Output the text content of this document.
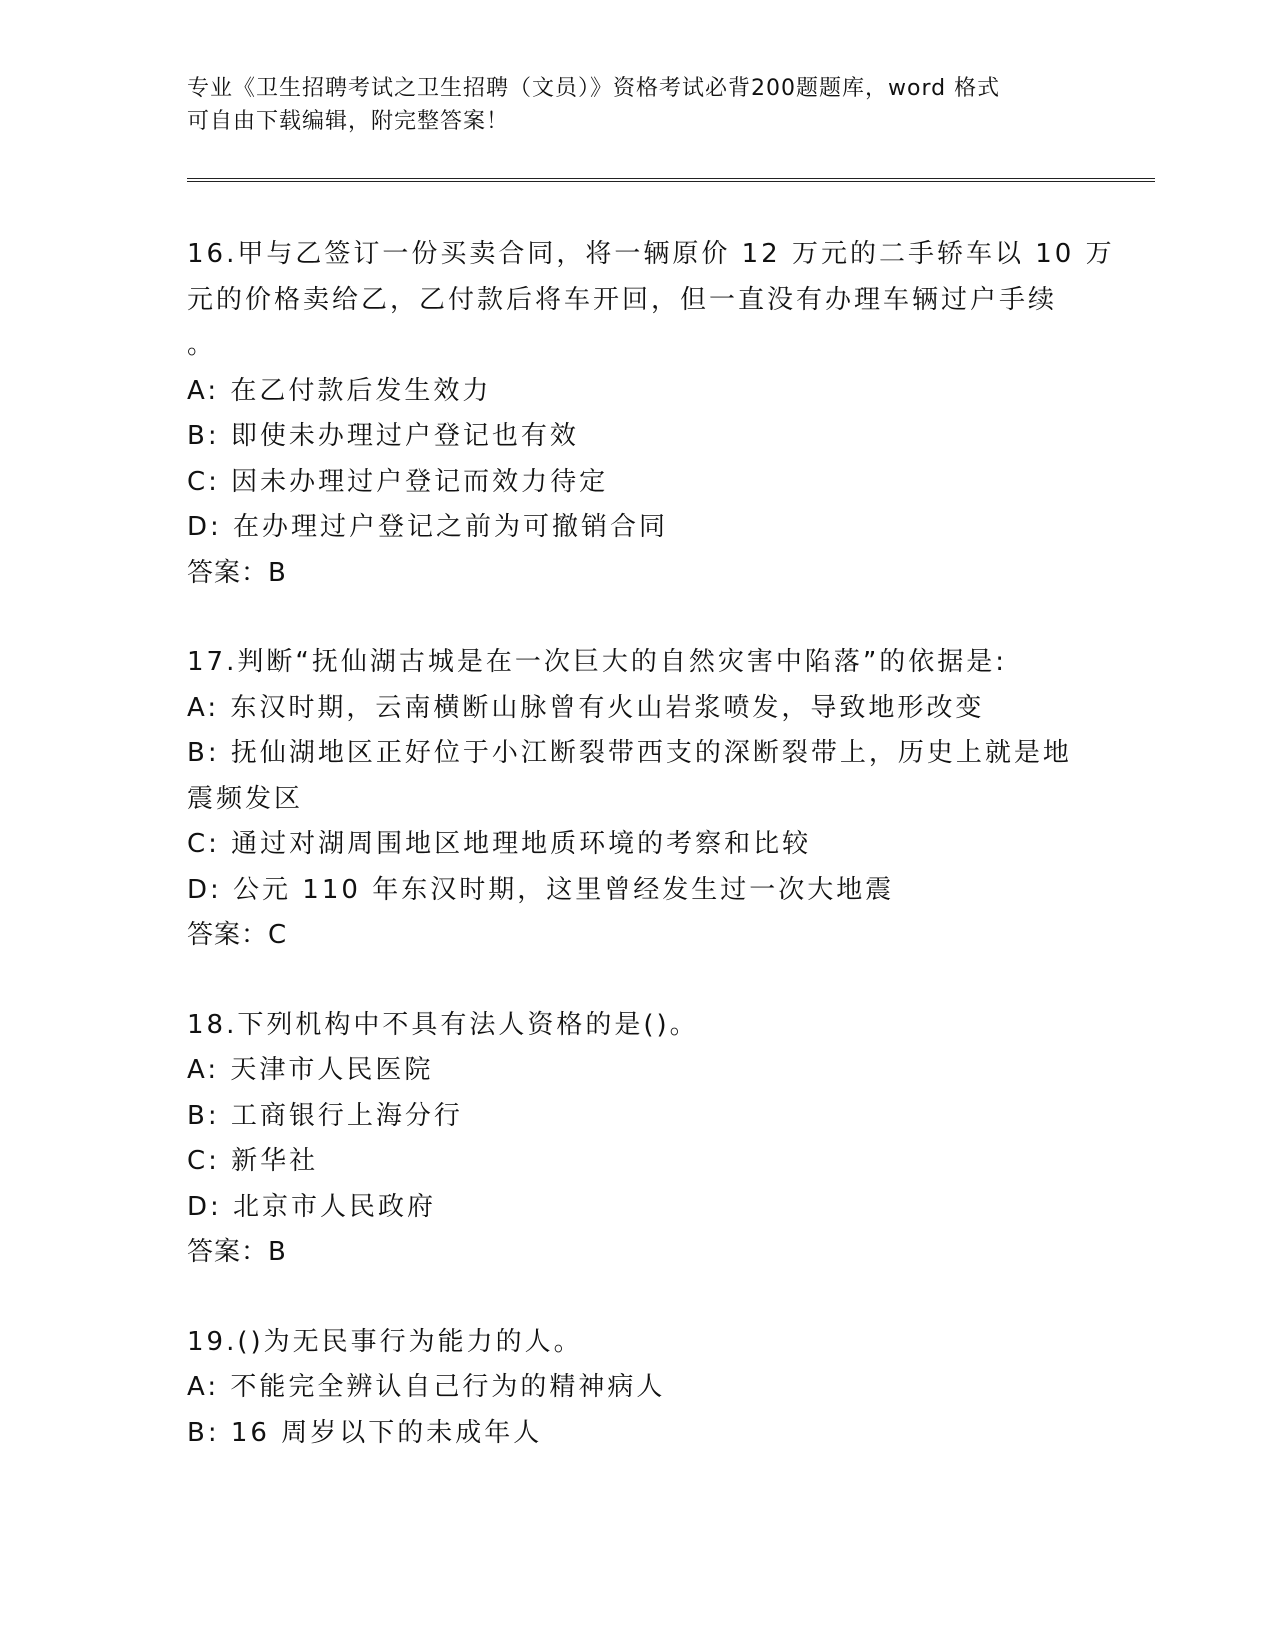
专业《卫生招聘考试之卫生招聘（文员）》资格考试必背200题题库，word 格式
可自由下载编辑，附完整答案！
16.甲与乙签订一份买卖合同，将一辆原价 12 万元的二手轿车以 10 万
元的价格卖给乙，乙付款后将车开回，但一直没有办理车辆过户手续
。
A: 在乙付款后发生效力
B: 即使未办理过户登记也有效
C: 因未办理过户登记而效力待定
D: 在办理过户登记之前为可撤销合同
答案：B
17.判断“抚仙湖古城是在一次巨大的自然灾害中陷落”的依据是:
A: 东汉时期，云南横断山脉曾有火山岩浆喷发，导致地形改变
B: 抚仙湖地区正好位于小江断裂带西支的深断裂带上，历史上就是地
震频发区
C: 通过对湖周围地区地理地质环境的考察和比较
D: 公元 110 年东汉时期，这里曾经发生过一次大地震
答案：C
18.下列机构中不具有法人资格的是()。
A: 天津市人民医院
B: 工商银行上海分行
C: 新华社
D: 北京市人民政府
答案：B
19.()为无民事行为能力的人。
A: 不能完全辨认自己行为的精神病人
B: 16 周岁以下的未成年人
